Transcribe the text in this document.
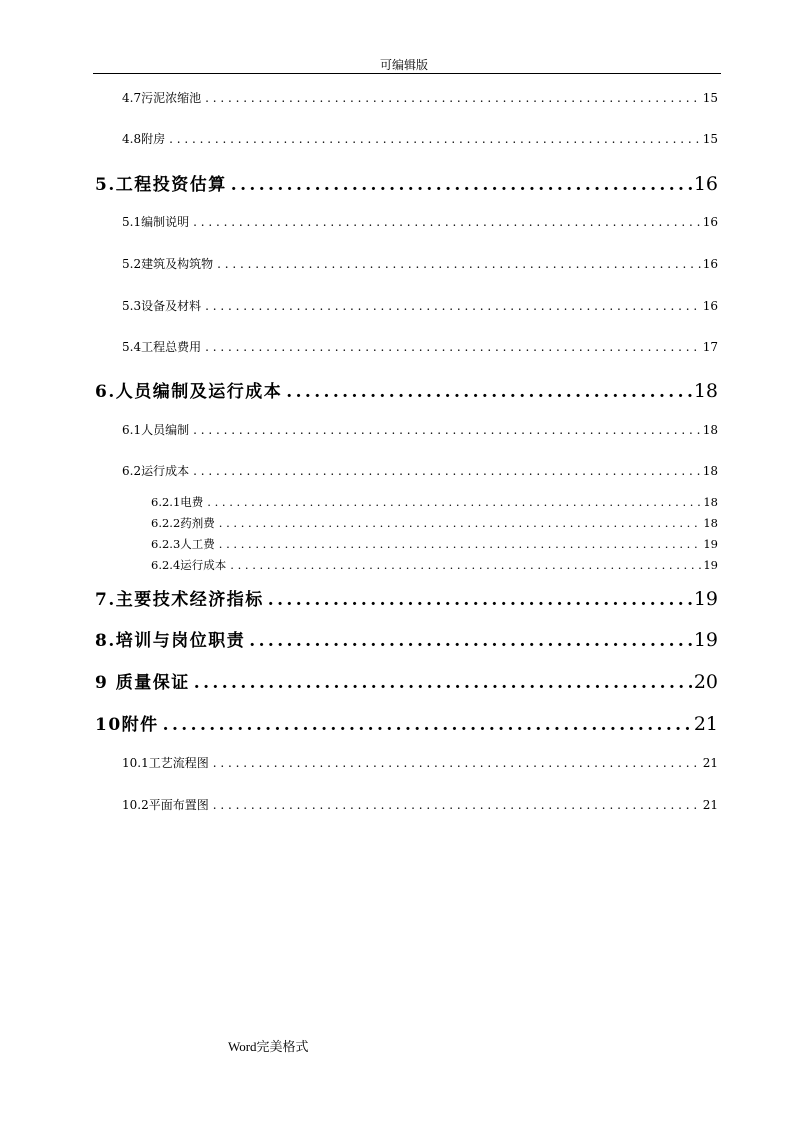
可编辑版
4.7污泥浓缩池 . . .	15
4.8附房 . . .	15
5.工程投资估算 .....	16
5.1编制说明 . . .	16
5.2建筑及构筑物 . . .	16
5.3设备及材料 . . .	16
5.4工程总费用 . . .	17
6.人员编制及运行成本 .....	18
6.1人员编制 . . .	18
6.2运行成本 . . .	18
6.2.1电费 . . .	18
6.2.2药剂费 . . .	18
6.2.3人工费 . . .	19
6.2.4运行成本 . . .	19
7.主要技术经济指标 .....	19
8.培训与岗位职责 .....	19
9 质量保证 .....	20
10附件 .....	21
10.1工艺流程图 . . .	21
10.2平面布置图 . . .	21
Word完美格式
